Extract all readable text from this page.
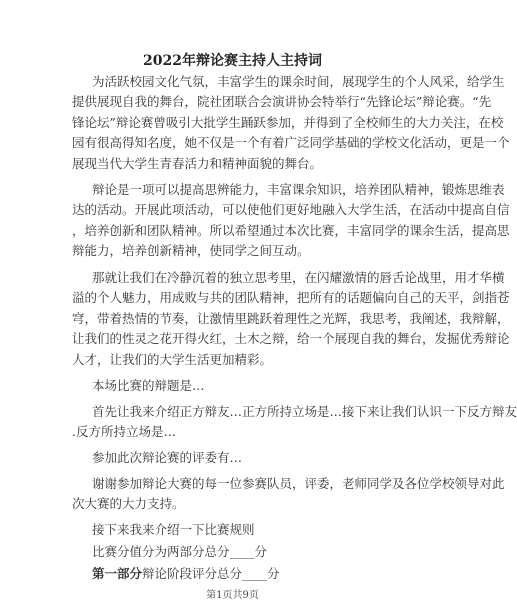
2022年辩论赛主持人主持词
为活跃校园文化气氛，丰富学生的课余时间，展现学生的个人风采，给学生
提供展现自我的舞台，院社团联合会演讲协会特举行“先锋论坛”辩论赛。“先
锋论坛”辩论赛曾吸引大批学生踊跃参加，并得到了全校师生的大力关注，在校
园有很高得知名度，她不仅是一个有着广泛同学基础的学校文化活动，更是一个
展现当代大学生青春活力和精神面貌的舞台。
辩论是一项可以提高思辨能力，丰富课余知识，培养团队精神，锻炼思维表
达的活动。开展此项活动，可以使他们更好地融入大学生活，在活动中提高自信
，培养创新和团队精神。所以希望通过本次比赛，丰富同学的课余生活，提高思
辩能力，培养创新精神，使同学之间互动。
那就让我们在冷静沉着的独立思考里，在闪耀激情的唇舌论战里，用才华横
溢的个人魅力，用成败与共的团队精神，把所有的话题偏向自己的天平，剑指苍
穹，带着热情的节奏，让激情里跳跃着理性之光辉，我思考，我阐述，我辩解，
让我们的性灵之花开得火红，土木之辩，给一个展现自我的舞台，发掘优秀辩论
人才，让我们的大学生活更加精彩。
本场比赛的辩题是…
首先让我来介绍正方辩友…正方所持立场是…接下来让我们认识一下反方辩友
.反方所持立场是…
参加此次辩论赛的评委有…
谢谢参加辩论大赛的每一位参赛队员，评委，老师同学及各位学校领导对此
次大赛的大力支持。
接下来我来介绍一下比赛规则
比赛分值分为两部分总分____分
第一部分辩论阶段评分总分____分
第1页共9页
